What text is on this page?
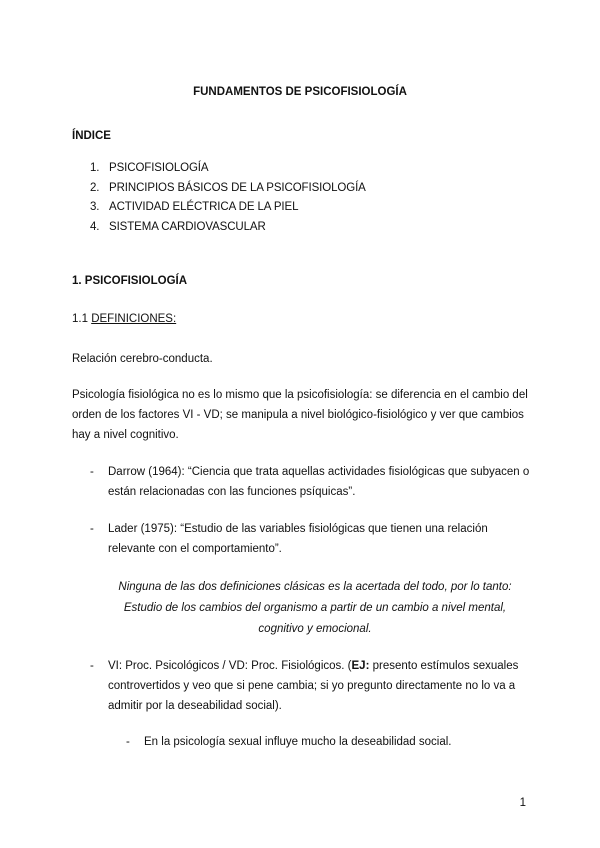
FUNDAMENTOS DE PSICOFISIOLOGÍA
ÍNDICE
1. PSICOFISIOLOGÍA
2. PRINCIPIOS BÁSICOS DE LA PSICOFISIOLOGÍA
3. ACTIVIDAD ELÉCTRICA DE LA PIEL
4. SISTEMA CARDIOVASCULAR
1. PSICOFISIOLOGÍA
1.1 DEFINICIONES:
Relación cerebro-conducta.
Psicología fisiológica no es lo mismo que la psicofisiología: se diferencia en el cambio del orden de los factores VI - VD; se manipula a nivel biológico-fisiológico y ver que cambios hay a nivel cognitivo.
- Darrow (1964): “Ciencia que trata aquellas actividades fisiológicas que subyacen o están relacionadas con las funciones psíquicas”.
- Lader (1975): “Estudio de las variables fisiológicas que tienen una relación relevante con el comportamiento”.
Ninguna de las dos definiciones clásicas es la acertada del todo, por lo tanto: Estudio de los cambios del organismo a partir de un cambio a nivel mental, cognitivo y emocional.
- VI: Proc. Psicológicos / VD: Proc. Fisiológicos. (EJ: presento estímulos sexuales controvertidos y veo que si pene cambia; si yo pregunto directamente no lo va a admitir por la deseabilidad social).
- En la psicología sexual influye mucho la deseabilidad social.
1
